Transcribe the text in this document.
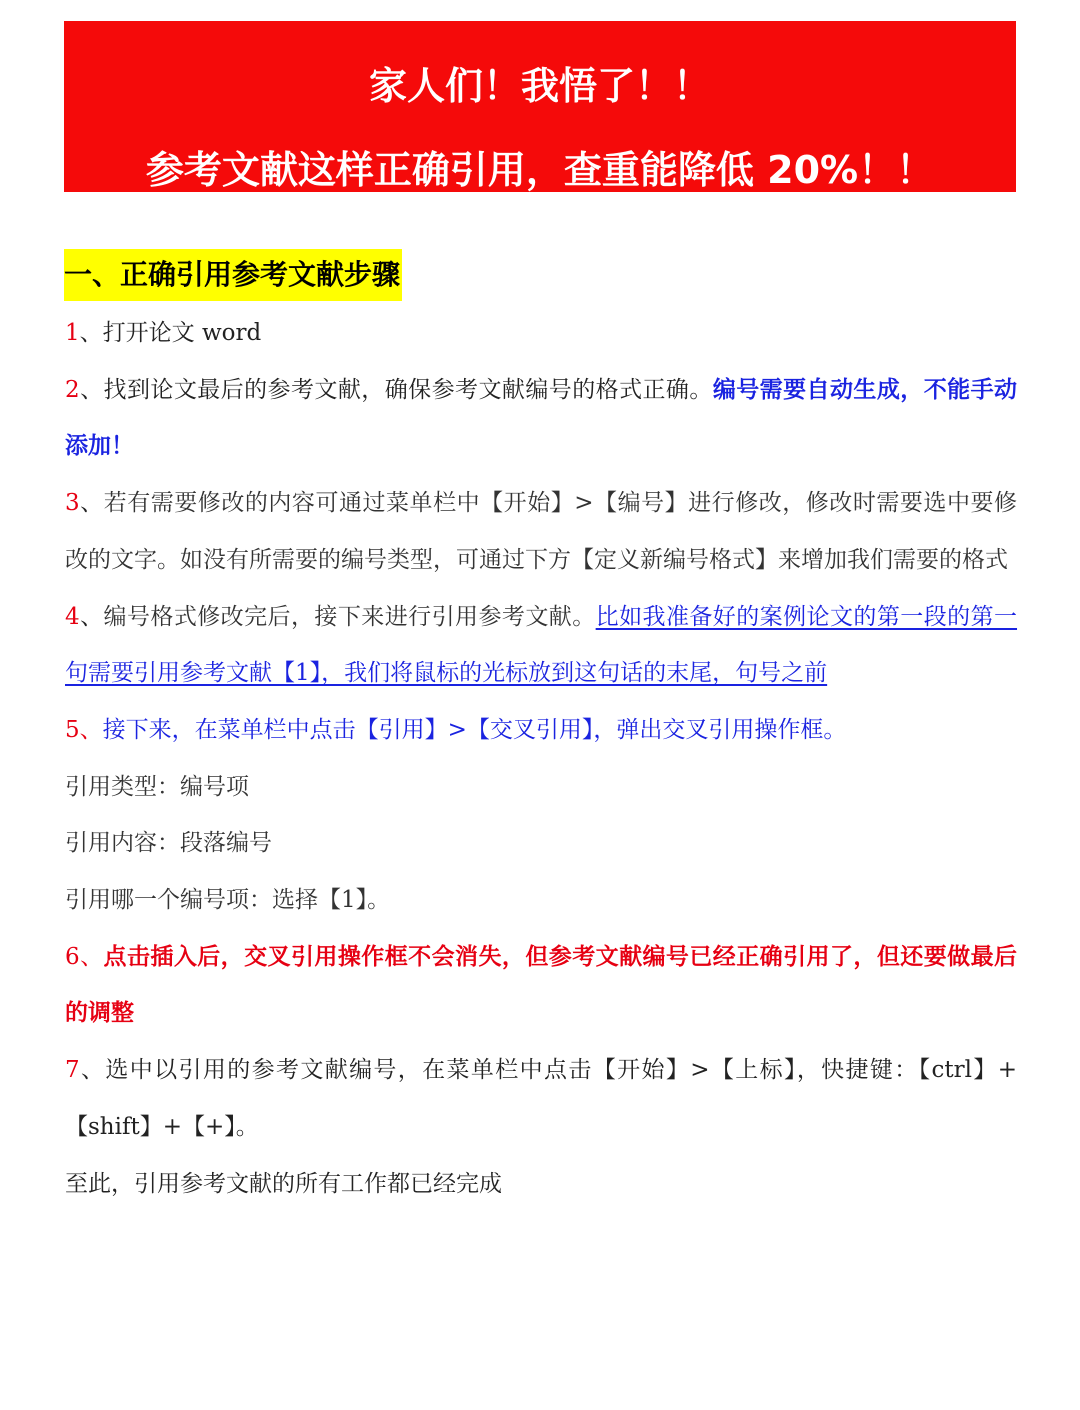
家人们！我悟了！！
参考文献这样正确引用，查重能降低 20%！！
一、正确引用参考文献步骤

1、打开论文 word

2、找到论文最后的参考文献，确保参考文献编号的格式正确。编号需要自动生成，不能手动添加！

3、若有需要修改的内容可通过菜单栏中【开始】>【编号】进行修改，修改时需要选中要修改的文字。如没有所需要的编号类型，可通过下方【定义新编号格式】来增加我们需要的格式

4、编号格式修改完后，接下来进行引用参考文献。比如我准备好的案例论文的第一段的第一句需要引用参考文献【1】，我们将鼠标的光标放到这句话的末尾，句号之前

5、接下来，在菜单栏中点击【引用】>【交叉引用】，弹出交叉引用操作框。

引用类型：编号项

引用内容：段落编号

引用哪一个编号项：选择【1】。

6、点击插入后，交叉引用操作框不会消失，但参考文献编号已经正确引用了，但还要做最后的调整

7、选中以引用的参考文献编号，在菜单栏中点击【开始】>【上标】，快捷键：【ctrl】+【shift】+【+】。

至此，引用参考文献的所有工作都已经完成
